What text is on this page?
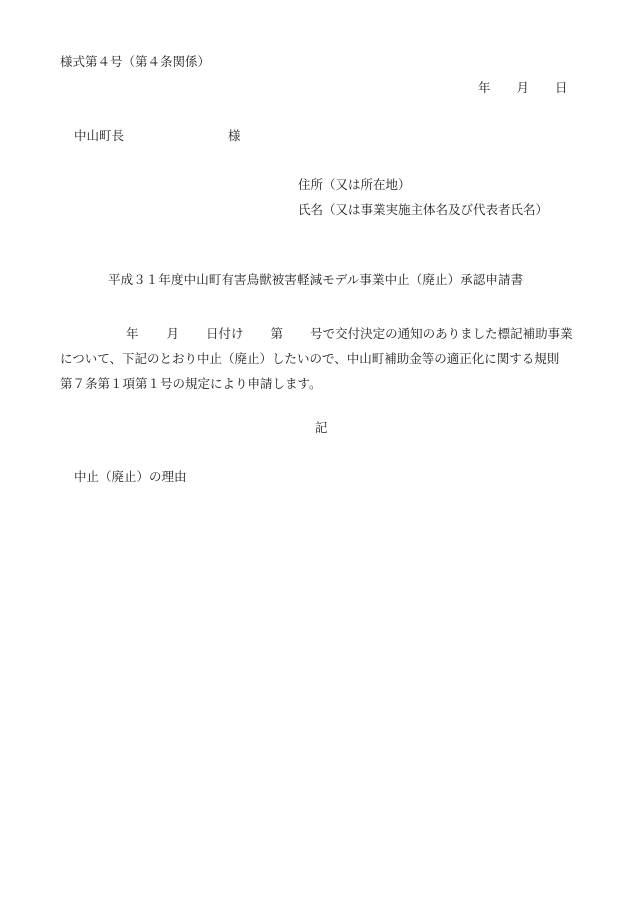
様式第４号（第４条関係）
年 月 日
中山町長	様
住所（又は所在地）
氏名（又は事業実施主体名及び代表者氏名）
平成３１年度中山町有害鳥獣被害軽減モデル事業中止（廃止）承認申請書
年 月 日付け 第 号で交付決定の通知のありました標記補助事業
について、下記のとおり中止（廃止）したいので、中山町補助金等の適正化に関する規則
第７条第１項第１号の規定により申請します。
記
中止（廃止）の理由
